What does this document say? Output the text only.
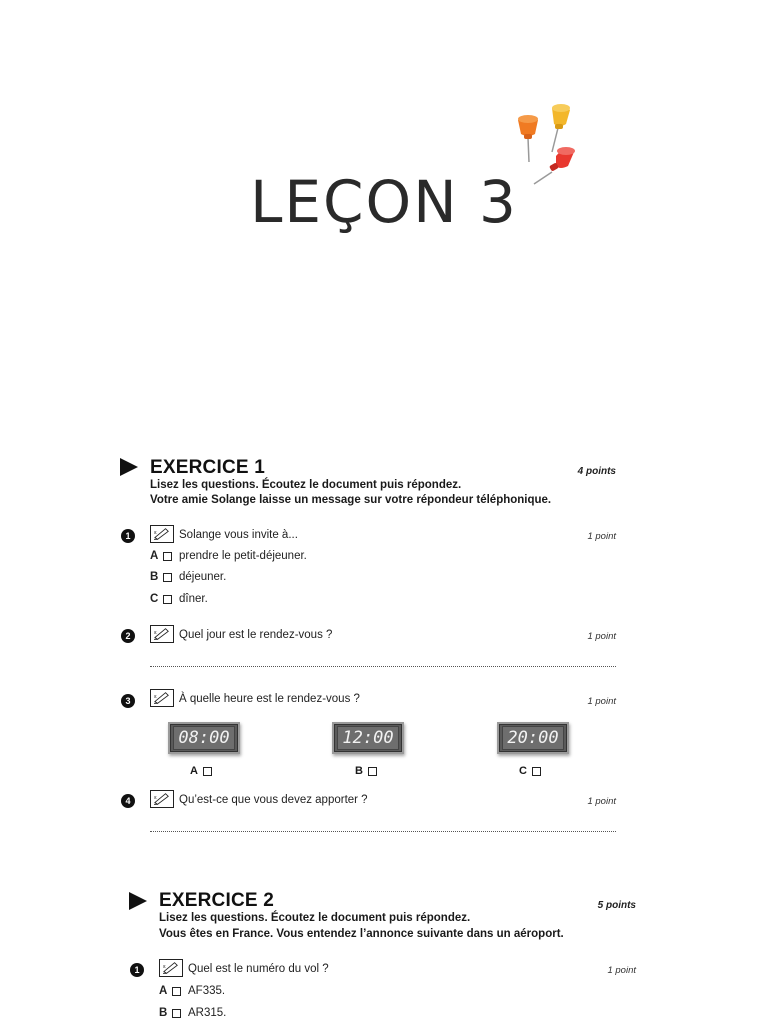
LEÇON 3
EXERCICE 1	4 points
Lisez les questions. Écoutez le document puis répondez.
Votre amie Solange laisse un message sur votre répondeur téléphonique.
1	ε Solange vous invite à...	1 point
A	prendre le petit-déjeuner.
B	déjeuner.
C	dîner.
2	ε Quel jour est le rendez-vous ?	1 point
3	ε À quelle heure est le rendez-vous ?	1 point
08:00	12:00	20:00
A	B	C
4	ε Qu’est-ce que vous devez apporter ?	1 point
EXERCICE 2	5 points
Lisez les questions. Écoutez le document puis répondez.
Vous êtes en France. Vous entendez l’annonce suivante dans un aéroport.
1	ε Quel est le numéro du vol ?	1 point
A	AF335.
B	AR315.
